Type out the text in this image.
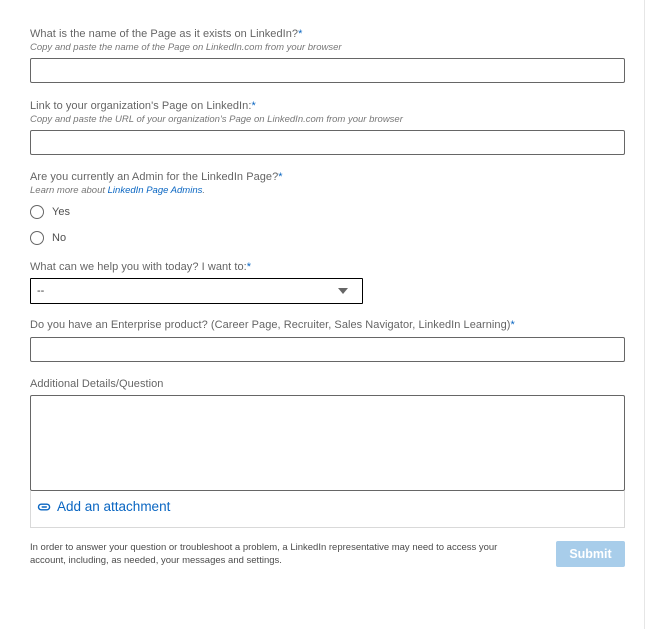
What is the name of the Page as it exists on LinkedIn?*
Copy and paste the name of the Page on LinkedIn.com from your browser
Link to your organization's Page on LinkedIn:*
Copy and paste the URL of your organization's Page on LinkedIn.com from your browser
Are you currently an Admin for the LinkedIn Page?*
Learn more about LinkedIn Page Admins.
Yes
No
What can we help you with today? I want to:*
--
Do you have an Enterprise product? (Career Page, Recruiter, Sales Navigator, LinkedIn Learning)*
Additional Details/Question
Add an attachment
In order to answer your question or troubleshoot a problem, a LinkedIn representative may need to access your account, including, as needed, your messages and settings.	Submit
